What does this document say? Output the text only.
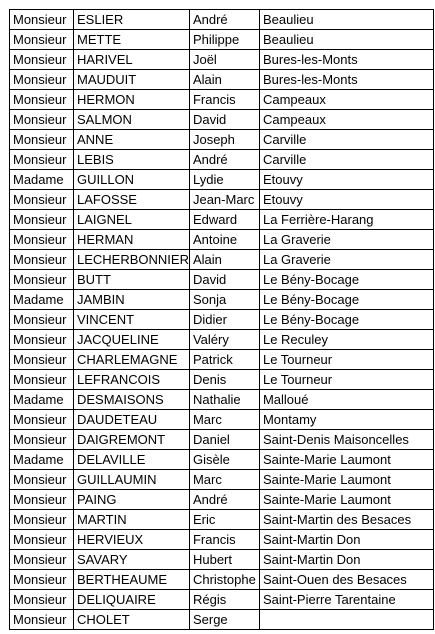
Monsieur	ESLIER	André	Beaulieu
Monsieur	METTE	Philippe	Beaulieu
Monsieur	HARIVEL	Joël	Bures-les-Monts
Monsieur	MAUDUIT	Alain	Bures-les-Monts
Monsieur	HERMON	Francis	Campeaux
Monsieur	SALMON	David	Campeaux
Monsieur	ANNE	Joseph	Carville
Monsieur	LEBIS	André	Carville
Madame	GUILLON	Lydie	Etouvy
Monsieur	LAFOSSE	Jean-Marc	Etouvy
Monsieur	LAIGNEL	Edward	La Ferrière-Harang
Monsieur	HERMAN	Antoine	La Graverie
Monsieur	LECHERBONNIER	Alain	La Graverie
Monsieur	BUTT	David	Le Bény-Bocage
Madame	JAMBIN	Sonja	Le Bény-Bocage
Monsieur	VINCENT	Didier	Le Bény-Bocage
Monsieur	JACQUELINE	Valéry	Le Reculey
Monsieur	CHARLEMAGNE	Patrick	Le Tourneur
Monsieur	LEFRANCOIS	Denis	Le Tourneur
Madame	DESMAISONS	Nathalie	Malloué
Monsieur	DAUDETEAU	Marc	Montamy
Monsieur	DAIGREMONT	Daniel	Saint-Denis Maisoncelles
Madame	DELAVILLE	Gisèle	Sainte-Marie Laumont
Monsieur	GUILLAUMIN	Marc	Sainte-Marie Laumont
Monsieur	PAING	André	Sainte-Marie Laumont
Monsieur	MARTIN	Eric	Saint-Martin des Besaces
Monsieur	HERVIEUX	Francis	Saint-Martin Don
Monsieur	SAVARY	Hubert	Saint-Martin Don
Monsieur	BERTHEAUME	Christophe	Saint-Ouen des Besaces
Monsieur	DELIQUAIRE	Régis	Saint-Pierre Tarentaine
Monsieur	CHOLET	Serge	
